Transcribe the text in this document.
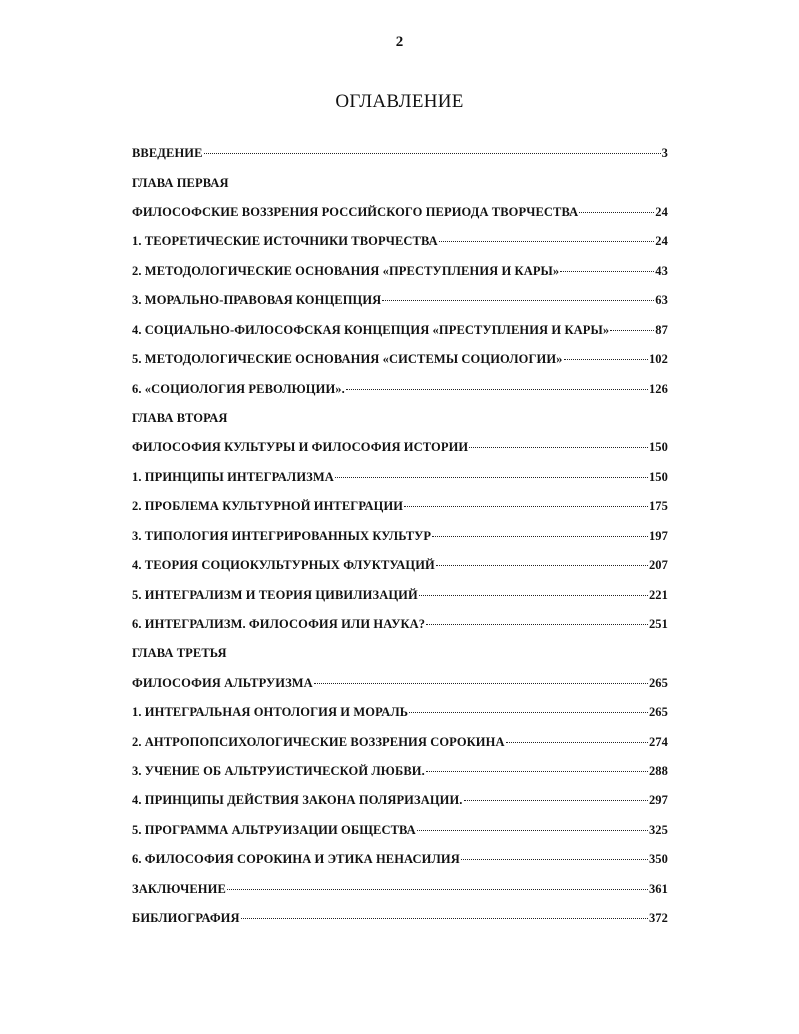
2
ОГЛАВЛЕНИЕ
ВВЕДЕНИЕ	3
ГЛАВА ПЕРВАЯ
ФИЛОСОФСКИЕ ВОЗЗРЕНИЯ РОССИЙСКОГО ПЕРИОДА ТВОРЧЕСТВА	24
1. ТЕОРЕТИЧЕСКИЕ ИСТОЧНИКИ ТВОРЧЕСТВА	24
2. МЕТОДОЛОГИЧЕСКИЕ ОСНОВАНИЯ «ПРЕСТУПЛЕНИЯ И КАРЫ»	43
3. МОРАЛЬНО-ПРАВОВАЯ КОНЦЕПЦИЯ	63
4. СОЦИАЛЬНО-ФИЛОСОФСКАЯ КОНЦЕПЦИЯ «ПРЕСТУПЛЕНИЯ И КАРЫ»	87
5. МЕТОДОЛОГИЧЕСКИЕ ОСНОВАНИЯ «СИСТЕМЫ СОЦИОЛОГИИ»	102
6. «СОЦИОЛОГИЯ РЕВОЛЮЦИИ».	126
ГЛАВА ВТОРАЯ
ФИЛОСОФИЯ КУЛЬТУРЫ И ФИЛОСОФИЯ ИСТОРИИ	150
1. ПРИНЦИПЫ ИНТЕГРАЛИЗМА	150
2. ПРОБЛЕМА КУЛЬТУРНОЙ ИНТЕГРАЦИИ	175
3. ТИПОЛОГИЯ ИНТЕГРИРОВАННЫХ КУЛЬТУР	197
4. ТЕОРИЯ СОЦИОКУЛЬТУРНЫХ ФЛУКТУАЦИЙ	207
5. ИНТЕГРАЛИЗМ И ТЕОРИЯ ЦИВИЛИЗАЦИЙ	221
6. ИНТЕГРАЛИЗМ. ФИЛОСОФИЯ ИЛИ НАУКА?	251
ГЛАВА ТРЕТЬЯ
ФИЛОСОФИЯ АЛЬТРУИЗМА	265
1. ИНТЕГРАЛЬНАЯ ОНТОЛОГИЯ И МОРАЛЬ	265
2. АНТРОПОПСИХОЛОГИЧЕСКИЕ ВОЗЗРЕНИЯ СОРОКИНА	274
3. УЧЕНИЕ ОБ АЛЬТРУИСТИЧЕСКОЙ ЛЮБВИ.	288
4. ПРИНЦИПЫ ДЕЙСТВИЯ ЗАКОНА ПОЛЯРИЗАЦИИ.	297
5. ПРОГРАММА АЛЬТРУИЗАЦИИ ОБЩЕСТВА	325
6. ФИЛОСОФИЯ СОРОКИНА И ЭТИКА НЕНАСИЛИЯ	350
ЗАКЛЮЧЕНИЕ	361
БИБЛИОГРАФИЯ	372
